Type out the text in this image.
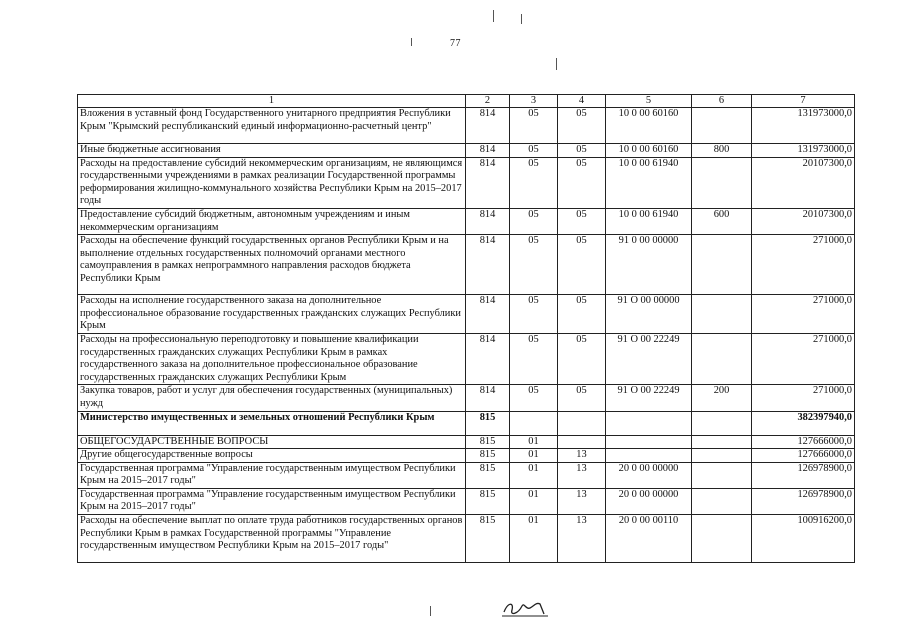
77
1	2	3	4	5	6	7
Вложения в уставный фонд Государственного унитарного предприятия Республики Крым "Крымский республиканский единый информационно-расчетный центр"	814	05	05	10 0 00 60160		131973000,0
Иные бюджетные ассигнования	814	05	05	10 0 00 60160	800	131973000,0
Расходы на предоставление субсидий некоммерческим организациям, не являющимся государственными учреждениями в рамках реализации Государственной программы реформирования жилищно-коммунального хозяйства Республики Крым на 2015–2017 годы	814	05	05	10 0 00 61940		20107300,0
Предоставление субсидий бюджетным, автономным учреждениям и иным некоммерческим организациям	814	05	05	10 0 00 61940	600	20107300,0
Расходы на обеспечение функций государственных органов Республики Крым и на выполнение отдельных государственных полномочий органами местного самоуправления в рамках непрограммного направления расходов бюджета Республики Крым	814	05	05	91 0 00 00000		271000,0
Расходы на исполнение государственного заказа на дополнительное профессиональное образование государственных гражданских служащих Республики Крым	814	05	05	91 О 00 00000		271000,0
Расходы на профессиональную переподготовку и повышение квалификации государственных гражданских служащих Республики Крым в рамках государственного заказа на дополнительное профессиональное образование государственных гражданских служащих Республики Крым	814	05	05	91 О 00 22249		271000,0
Закупка товаров, работ и услуг для обеспечения государственных (муниципальных) нужд	814	05	05	91 О 00 22249	200	271000,0
Министерство имущественных и земельных отношений Республики Крым	815					382397940,0
ОБЩЕГОСУДАРСТВЕННЫЕ ВОПРОСЫ	815	01				127666000,0
Другие общегосударственные вопросы	815	01	13			127666000,0
Государственная программа "Управление государственным имуществом Республики Крым на 2015–2017 годы"	815	01	13	20 0 00 00000		126978900,0
Государственная программа "Управление государственным имуществом Республики Крым на 2015–2017 годы"	815	01	13	20 0 00 00000		126978900,0
Расходы на обеспечение выплат по оплате труда работников государственных органов Республики Крым в рамках Государственной программы "Управление государственным имуществом Республики Крым на 2015–2017 годы"	815	01	13	20 0 00 00110		100916200,0
